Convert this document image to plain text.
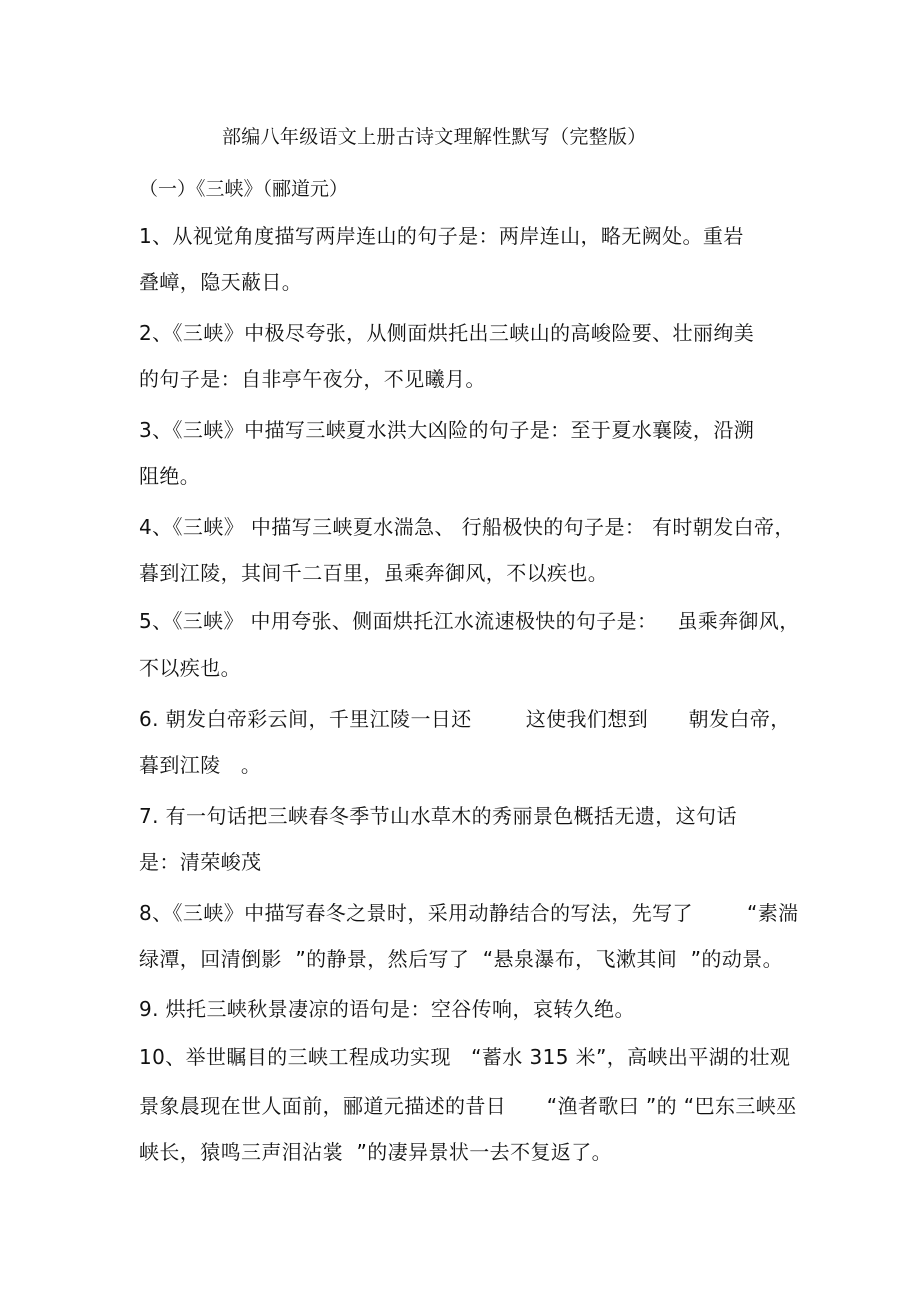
部编八年级语文上册古诗文理解性默写（完整版）
（一）《三峡》（郦道元）
1、从视觉角度描写两岸连山的句子是：两岸连山，略无阙处。重岩
叠嶂，隐天蔽日。
2、《三峡》中极尽夸张，从侧面烘托出三峡山的高峻险要、壮丽绚美
的句子是：自非亭午夜分，不见曦月。
3、《三峡》中描写三峡夏水洪大凶险的句子是：至于夏水襄陵，沿溯
阻绝。
4、《三峡》 中描写三峡夏水湍急、 行船极快的句子是： 有时朝发白帝，
暮到江陵，其间千二百里，虽乘奔御风，不以疾也。
5、《三峡》 中用夸张、侧面烘托江水流速极快的句子是：   虽乘奔御风，
不以疾也。
6. 朝发白帝彩云间，千里江陵一日还        这使我们想到      朝发白帝，
暮到江陵   。
7. 有一句话把三峡春冬季节山水草木的秀丽景色概括无遗，这句话
是：清荣峻茂
8、《三峡》中描写春冬之景时，采用动静结合的写法，先写了        “素湍
绿潭，回清倒影  ”的静景，然后写了  “悬泉瀑布，飞漱其间  ”的动景。
9. 烘托三峡秋景凄凉的语句是：空谷传响，哀转久绝。
10、举世瞩目的三峡工程成功实现   “蓄水 315 米”，高峡出平湖的壮观
景象晨现在世人面前，郦道元描述的昔日      “渔者歌曰 ”的 “巴东三峡巫
峡长，猿鸣三声泪沾裳  ”的凄异景状一去不复返了。
